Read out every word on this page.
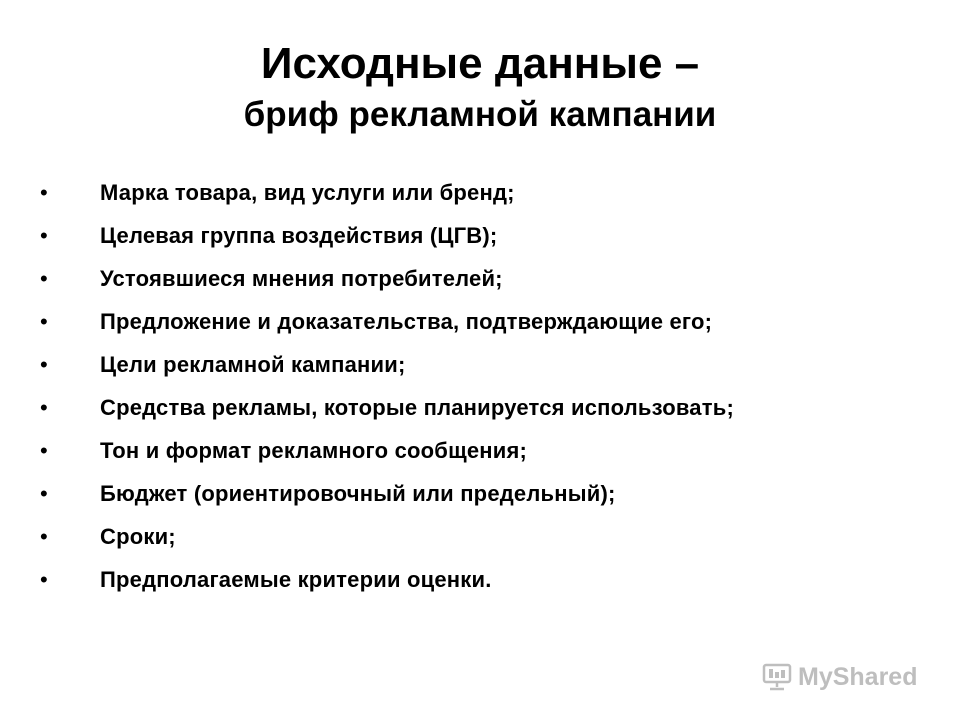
Исходные данные –
бриф рекламной кампании
• Марка товара, вид услуги или бренд;
• Целевая группа воздействия (ЦГВ);
• Устоявшиеся мнения потребителей;
• Предложение и доказательства, подтверждающие его;
• Цели рекламной кампании;
• Средства рекламы, которые планируется использовать;
• Тон и формат рекламного сообщения;
• Бюджет (ориентировочный или предельный);
• Сроки;
• Предполагаемые критерии оценки.
MyShared
